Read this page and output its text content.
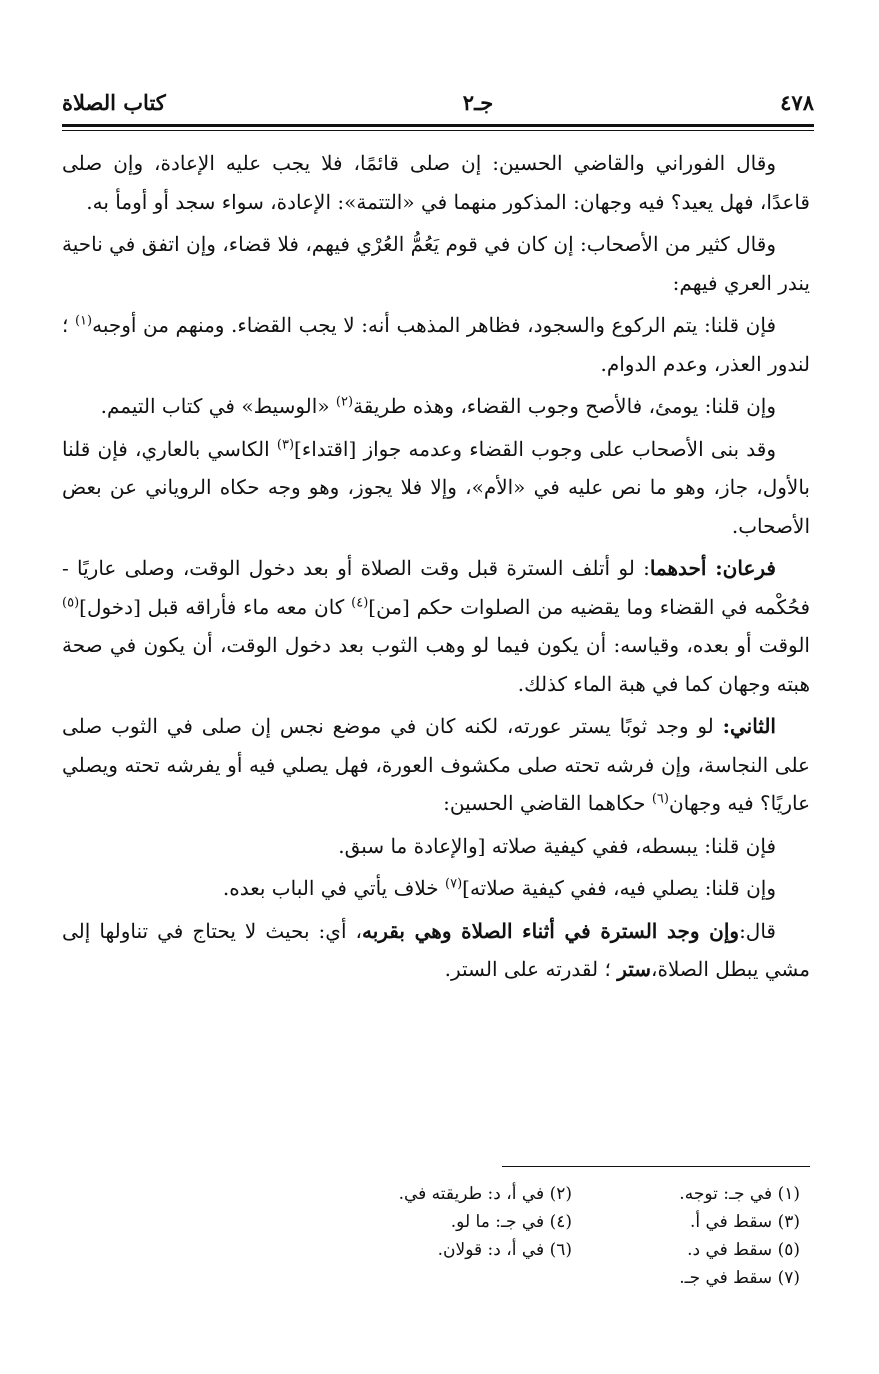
٤٧٨
جـ٢
كتاب الصلاة

وقال الفوراني والقاضي الحسين: إن صلى قائمًا، فلا يجب عليه الإعادة، وإن صلى قاعدًا، فهل يعيد؟ فيه وجهان: المذكور منهما في «التتمة»: الإعادة، سواء سجد أو أومأ به.

وقال كثير من الأصحاب: إن كان في قوم يَعُمُّ العُرْي فيهم، فلا قضاء، وإن اتفق في ناحية يندر العري فيهم:

فإن قلنا: يتم الركوع والسجود، فظاهر المذهب أنه: لا يجب القضاء. ومنهم من أوجبه$^{(١)}$ ؛ لندور العذر، وعدم الدوام.

وإن قلنا: يومئ، فالأصح وجوب القضاء، وهذه طريقة$^{(٢)}$ «الوسيط» في كتاب التيمم.

وقد بنى الأصحاب على وجوب القضاء وعدمه جواز [اقتداء]$^{(٣)}$ الكاسي بالعاري، فإن قلنا بالأول، جاز، وهو ما نص عليه في «الأم»، وإلا فلا يجوز، وهو وجه حكاه الروياني عن بعض الأصحاب.

فرعان: أحدهما: لو أتلف السترة قبل وقت الصلاة أو بعد دخول الوقت، وصلى عاريًا - فحُكْمه في القضاء وما يقضيه من الصلوات حكم [من]$^{(٤)}$ كان معه ماء فأراقه قبل [دخول]$^{(٥)}$ الوقت أو بعده، وقياسه: أن يكون فيما لو وهب الثوب بعد دخول الوقت، أن يكون في صحة هبته وجهان كما في هبة الماء كذلك.

الثاني: لو وجد ثوبًا يستر عورته، لكنه كان في موضع نجس إن صلى في الثوب صلى على النجاسة، وإن فرشه تحته صلى مكشوف العورة، فهل يصلي فيه أو يفرشه تحته ويصلي عاريًا؟ فيه وجهان$^{(٦)}$ حكاهما القاضي الحسين:

فإن قلنا: يبسطه، ففي كيفية صلاته [والإعادة ما سبق.

وإن قلنا: يصلي فيه، ففي كيفية صلاته]$^{(٧)}$ خلاف يأتي في الباب بعده.

قال:وإن وجد السترة في أثناء الصلاة وهي بقربه، أي: بحيث لا يحتاج في تناولها إلى مشي يبطل الصلاة،ستر ؛ لقدرته على الستر.

(١) في جـ: توجه.
(٢) في أ، د: طريقته في.
(٣) سقط في أ.
(٤) في جـ: ما لو.
(٥) سقط في د.
(٦) في أ، د: قولان.
(٧) سقط في جـ.
